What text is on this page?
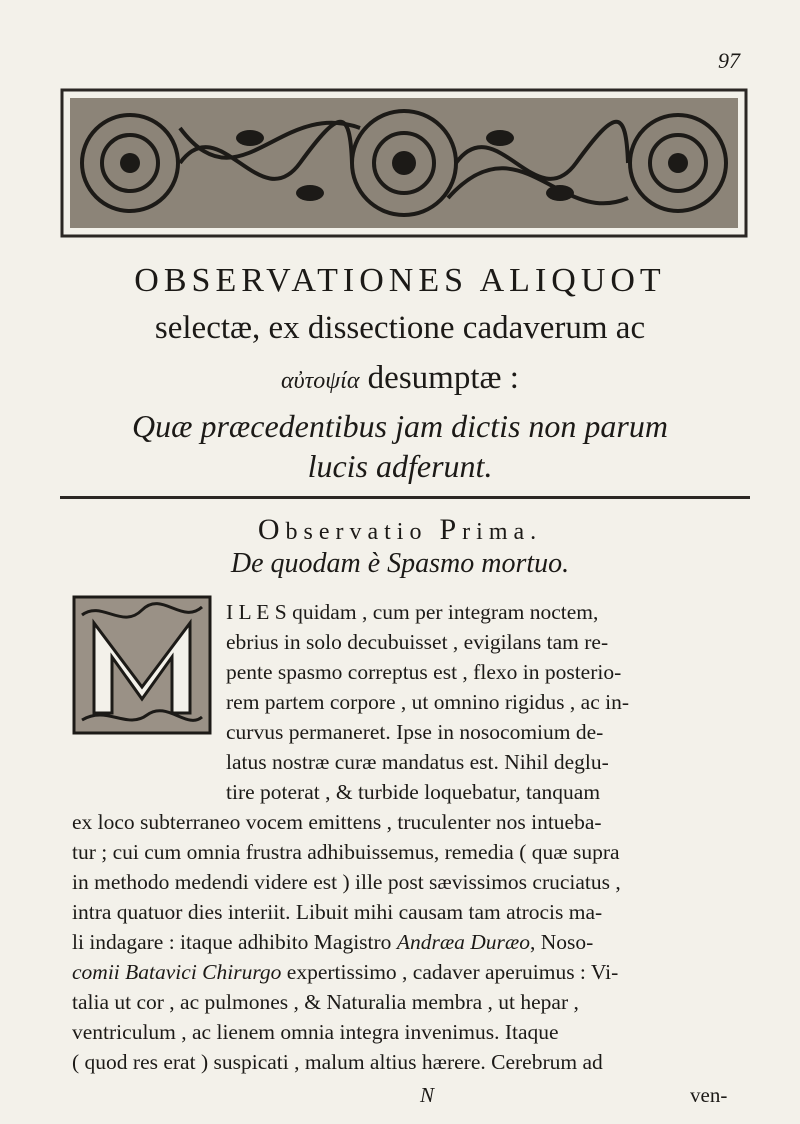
97
OBSERVATIONES ALIQUOT
selectæ, ex dissectione cadaverum ac
αὐτοψία desumptæ :
Quæ præcedentibus jam dictis non parum
lucis adferunt.
Observatio Prima.
De quodam è Spasmo mortuo.
I L E S quidam , cum per integram noctem,
ebrius in solo decubuisset , evigilans tam re-
pente spasmo correptus est , flexo in posterio-
rem partem corpore , ut omnino rigidus , ac in-
curvus permaneret. Ipse in nosocomium de-
latus nostræ curæ mandatus est. Nihil deglu-
tire poterat , & turbide loquebatur, tanquam
ex loco subterraneo vocem emittens , truculenter nos intueba-
tur ; cui cum omnia frustra adhibuissemus, remedia ( quæ supra
in methodo medendi videre est ) ille post sævissimos cruciatus ,
intra quatuor dies interiit. Libuit mihi causam tam atrocis ma-
li indagare : itaque adhibito Magistro Andræa Duræo, Noso-
comii Batavici Chirurgo expertissimo , cadaver aperuimus : Vi-
talia ut cor , ac pulmones , & Naturalia membra , ut hepar ,
ventriculum , ac lienem omnia integra invenimus. Itaque
( quod res erat ) suspicati , malum altius hærere. Cerebrum ad
N	ven-
